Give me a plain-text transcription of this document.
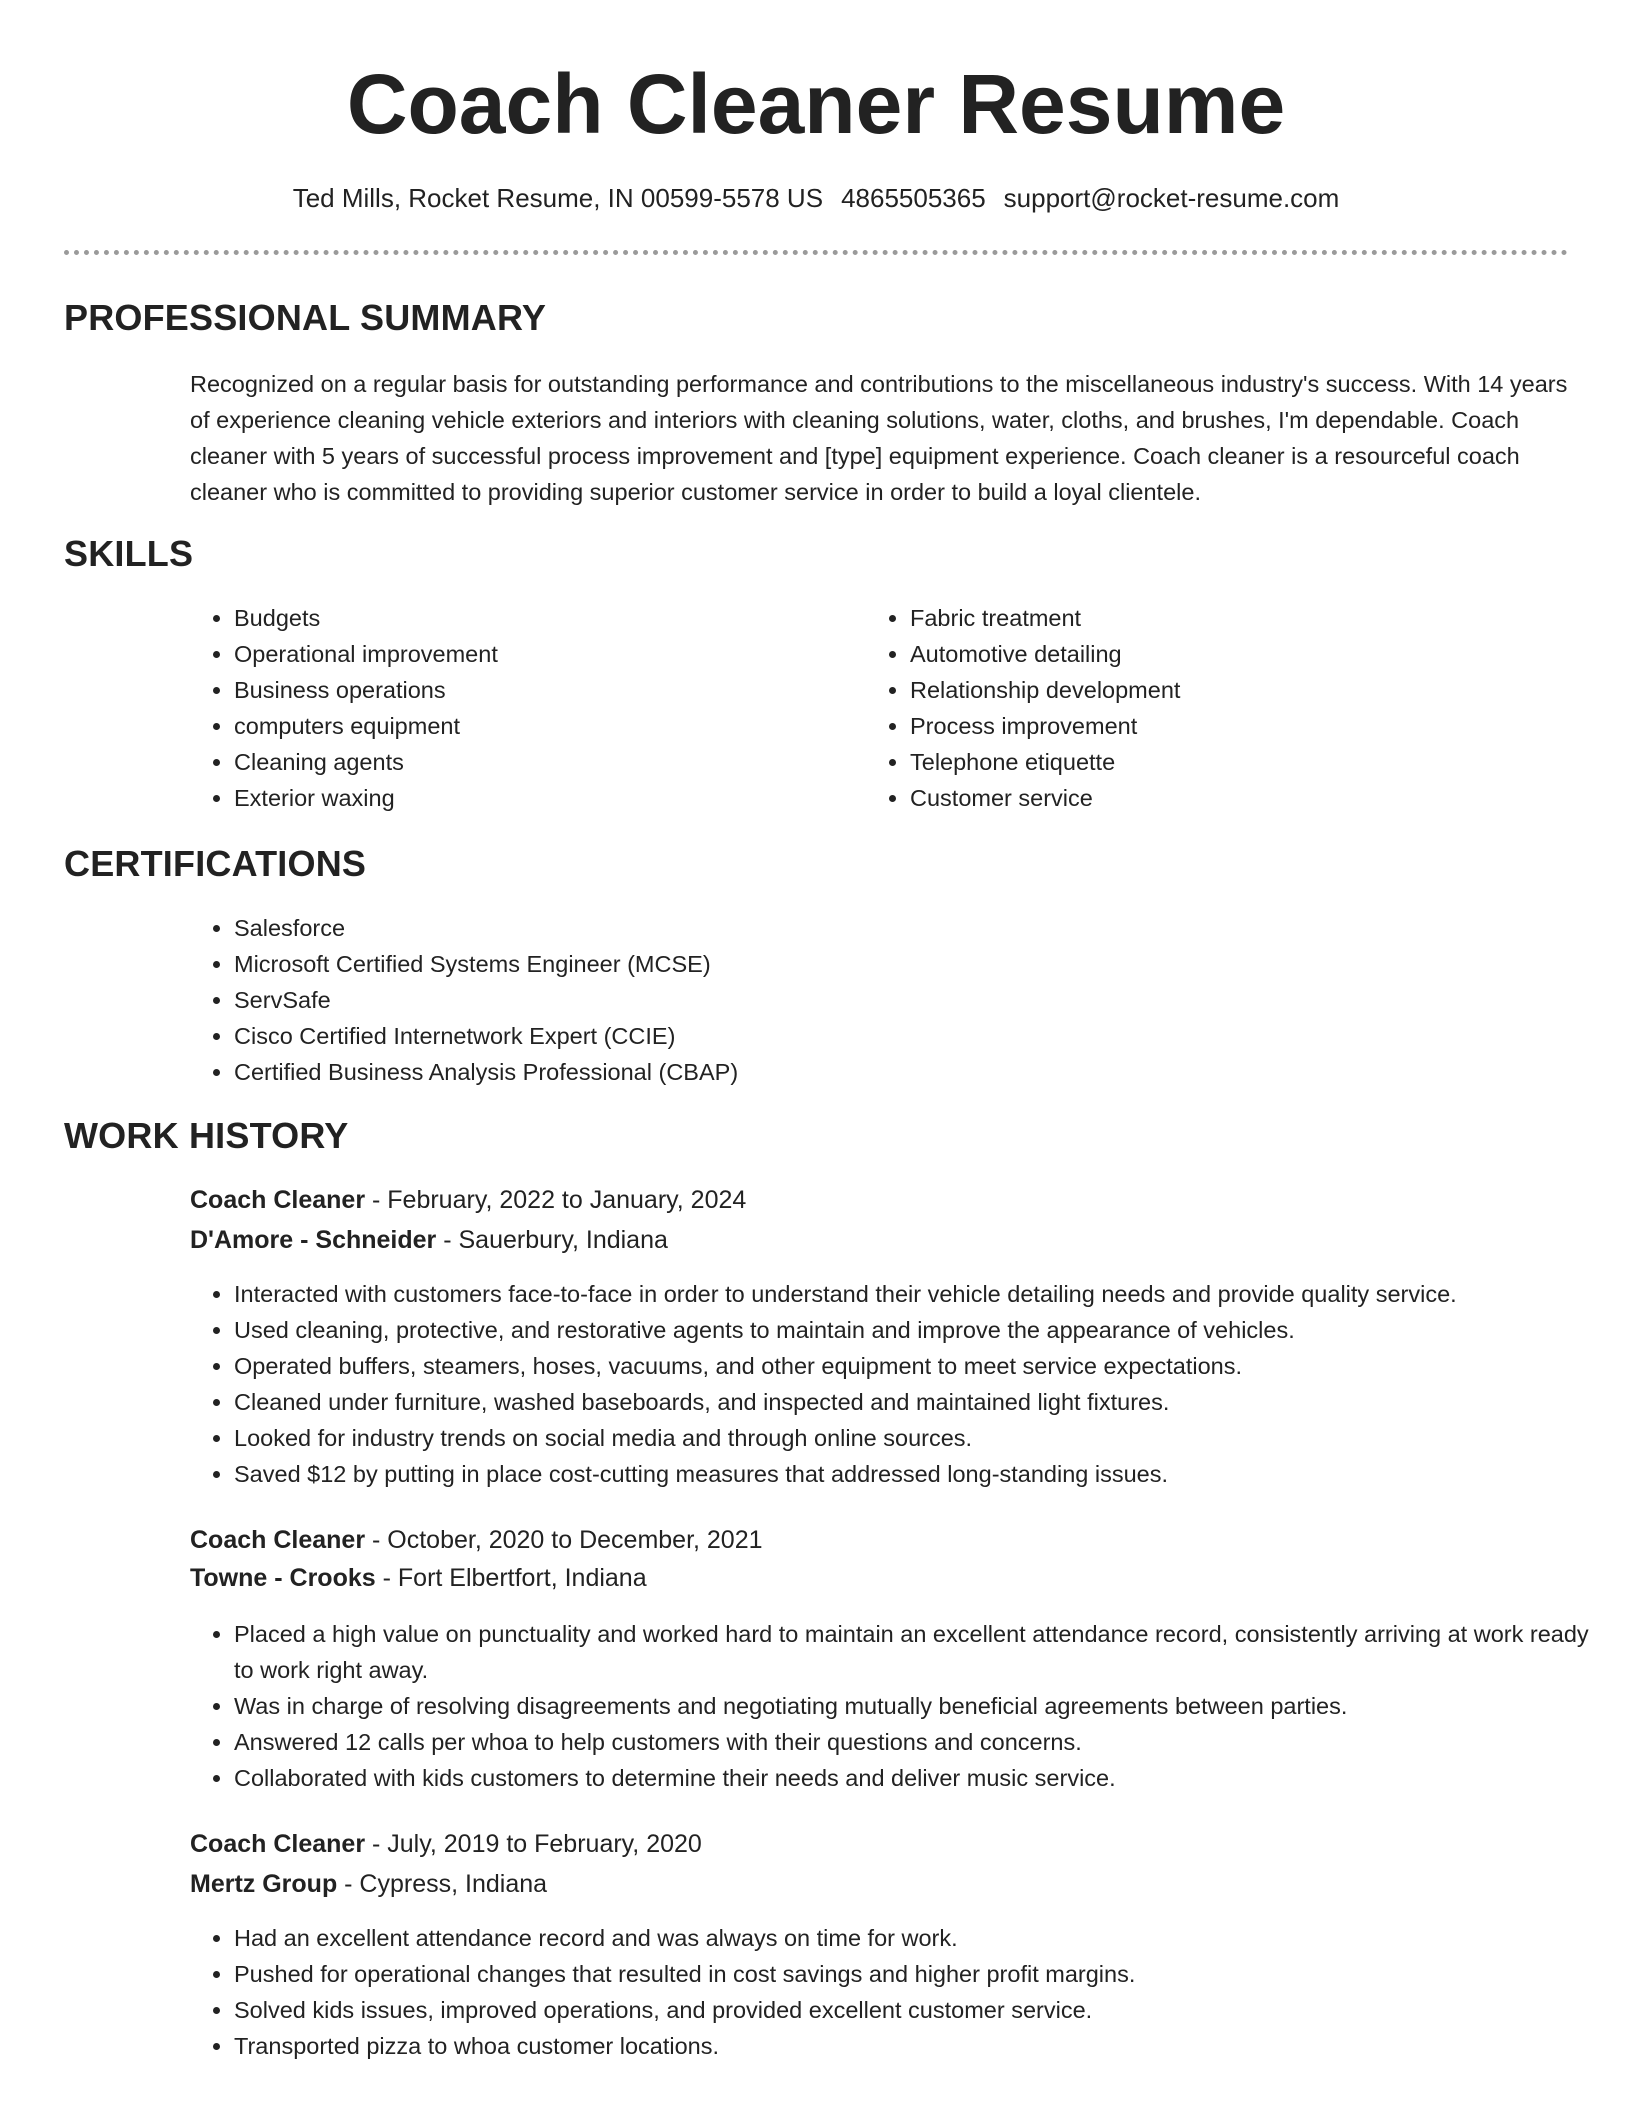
Coach Cleaner Resume
Ted Mills, Rocket Resume, IN 00599-5578 US 4865505365 support@rocket-resume.com
PROFESSIONAL SUMMARY

Recognized on a regular basis for outstanding performance and contributions to the miscellaneous industry's success. With 14 years of experience cleaning vehicle exteriors and interiors with cleaning solutions, water, cloths, and brushes, I'm dependable. Coach cleaner with 5 years of successful process improvement and [type] equipment experience. Coach cleaner is a resourceful coach cleaner who is committed to providing superior customer service in order to build a loyal clientele.

SKILLS
• Budgets
• Operational improvement
• Business operations
• computers equipment
• Cleaning agents
• Exterior waxing
• Fabric treatment
• Automotive detailing
• Relationship development
• Process improvement
• Telephone etiquette
• Customer service
CERTIFICATIONS
• Salesforce
• Microsoft Certified Systems Engineer (MCSE)
• ServSafe
• Cisco Certified Internetwork Expert (CCIE)
• Certified Business Analysis Professional (CBAP)
WORK HISTORY
Coach Cleaner - February, 2022 to January, 2024
D'Amore - Schneider - Sauerbury, Indiana
• Interacted with customers face-to-face in order to understand their vehicle detailing needs and provide quality service.
• Used cleaning, protective, and restorative agents to maintain and improve the appearance of vehicles.
• Operated buffers, steamers, hoses, vacuums, and other equipment to meet service expectations.
• Cleaned under furniture, washed baseboards, and inspected and maintained light fixtures.
• Looked for industry trends on social media and through online sources.
• Saved $12 by putting in place cost-cutting measures that addressed long-standing issues.
Coach Cleaner - October, 2020 to December, 2021
Towne - Crooks - Fort Elbertfort, Indiana
• Placed a high value on punctuality and worked hard to maintain an excellent attendance record, consistently arriving at work ready to work right away.
• Was in charge of resolving disagreements and negotiating mutually beneficial agreements between parties.
• Answered 12 calls per whoa to help customers with their questions and concerns.
• Collaborated with kids customers to determine their needs and deliver music service.
Coach Cleaner - July, 2019 to February, 2020
Mertz Group - Cypress, Indiana
• Had an excellent attendance record and was always on time for work.
• Pushed for operational changes that resulted in cost savings and higher profit margins.
• Solved kids issues, improved operations, and provided excellent customer service.
• Transported pizza to whoa customer locations.
